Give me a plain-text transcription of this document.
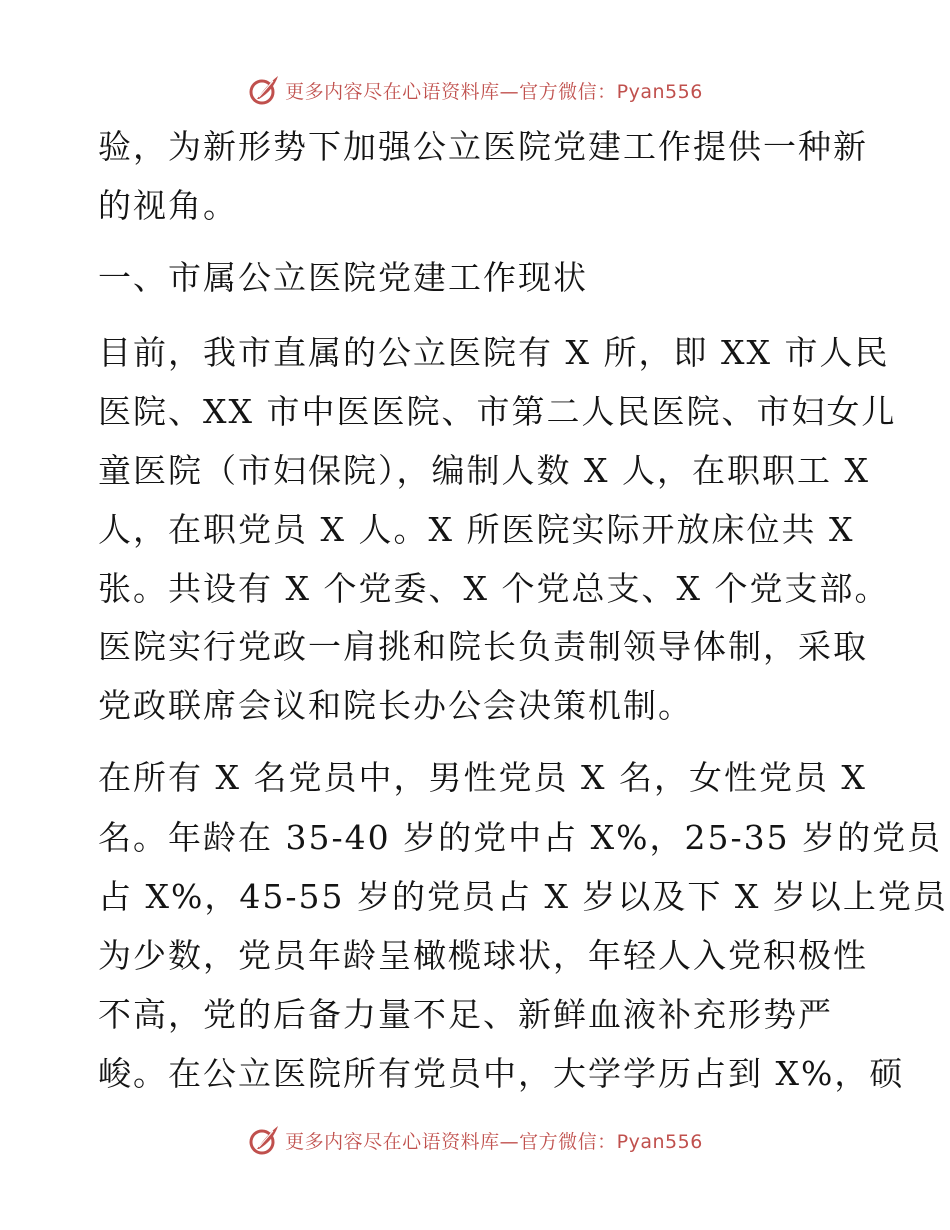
更多内容尽在心语资料库—官方微信：Pyan556
验，为新形势下加强公立医院党建工作提供一种新
的视角。
一、市属公立医院党建工作现状
目前，我市直属的公立医院有 X 所，即 XX 市人民
医院、XX 市中医医院、市第二人民医院、市妇女儿
童医院（市妇保院），编制人数 X 人，在职职工 X
人，在职党员 X 人。X 所医院实际开放床位共 X
张。共设有 X 个党委、X 个党总支、X 个党支部。
医院实行党政一肩挑和院长负责制领导体制，采取
党政联席会议和院长办公会决策机制。
在所有 X 名党员中，男性党员 X 名，女性党员 X
名。年龄在 35-40 岁的党中占 X%，25-35 岁的党员
占 X%，45-55 岁的党员占 X 岁以及下 X 岁以上党员
为少数，党员年龄呈橄榄球状，年轻人入党积极性
不高，党的后备力量不足、新鲜血液补充形势严
峻。在公立医院所有党员中，大学学历占到 X%，硕
更多内容尽在心语资料库—官方微信：Pyan556
